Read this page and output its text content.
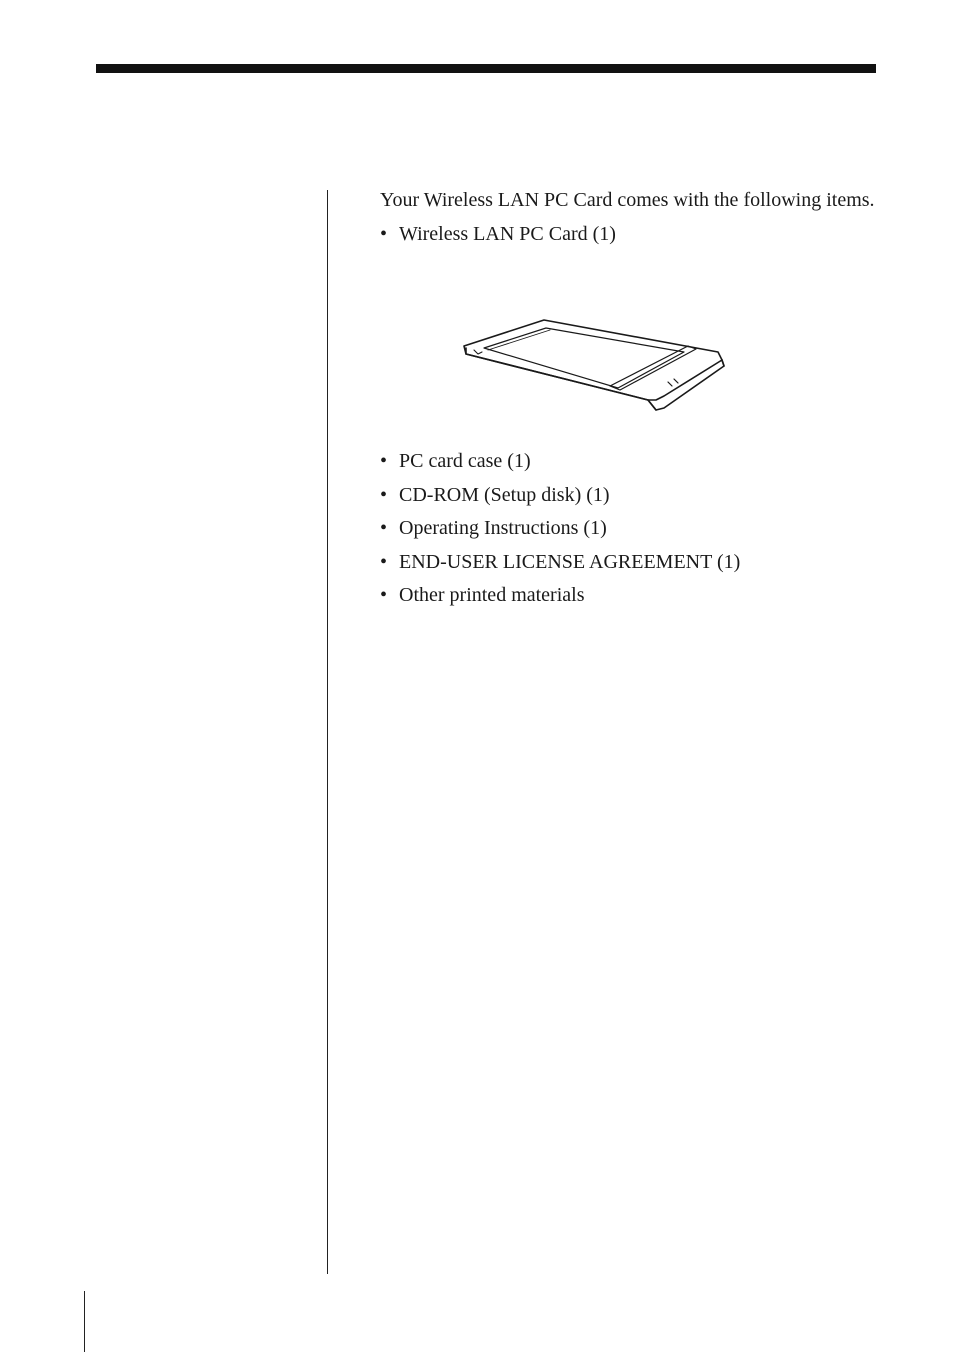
Your Wireless LAN PC Card comes with the following items.

• Wireless LAN PC Card (1)
• PC card case (1)
• CD-ROM (Setup disk) (1)
• Operating Instructions (1)
• END-USER LICENSE AGREEMENT (1)
• Other printed materials
